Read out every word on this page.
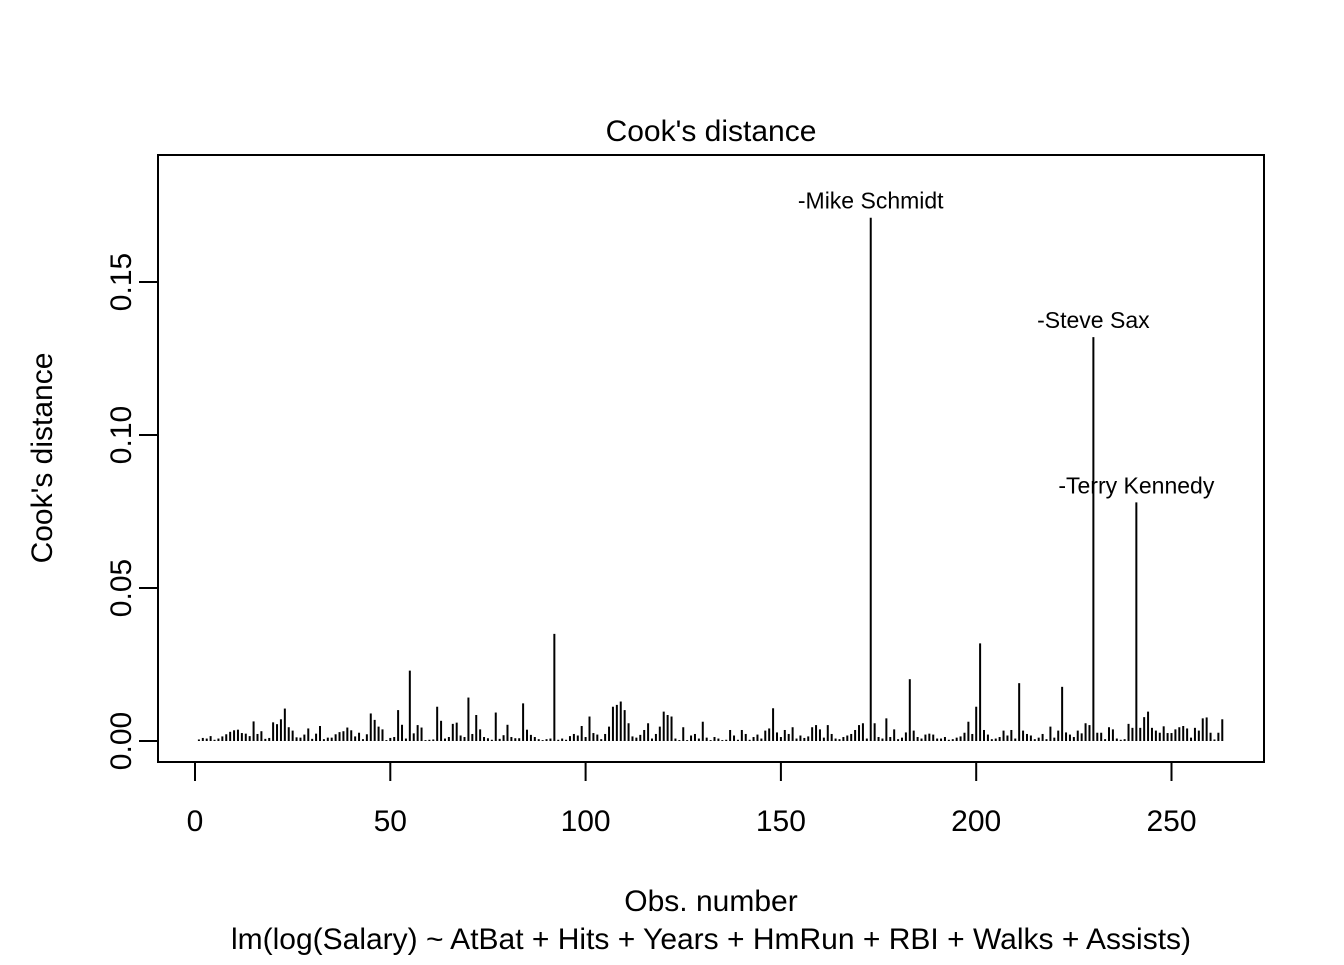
Cook's distance
0	50	100	150	200	250
0.00
0.05
0.10
0.15
-Mike Schmidt
-Steve Sax
-Terry Kennedy
Cook's distance
Obs. number
lm(log(Salary) ~ AtBat + Hits + Years + HmRun + RBI + Walks + Assists)
